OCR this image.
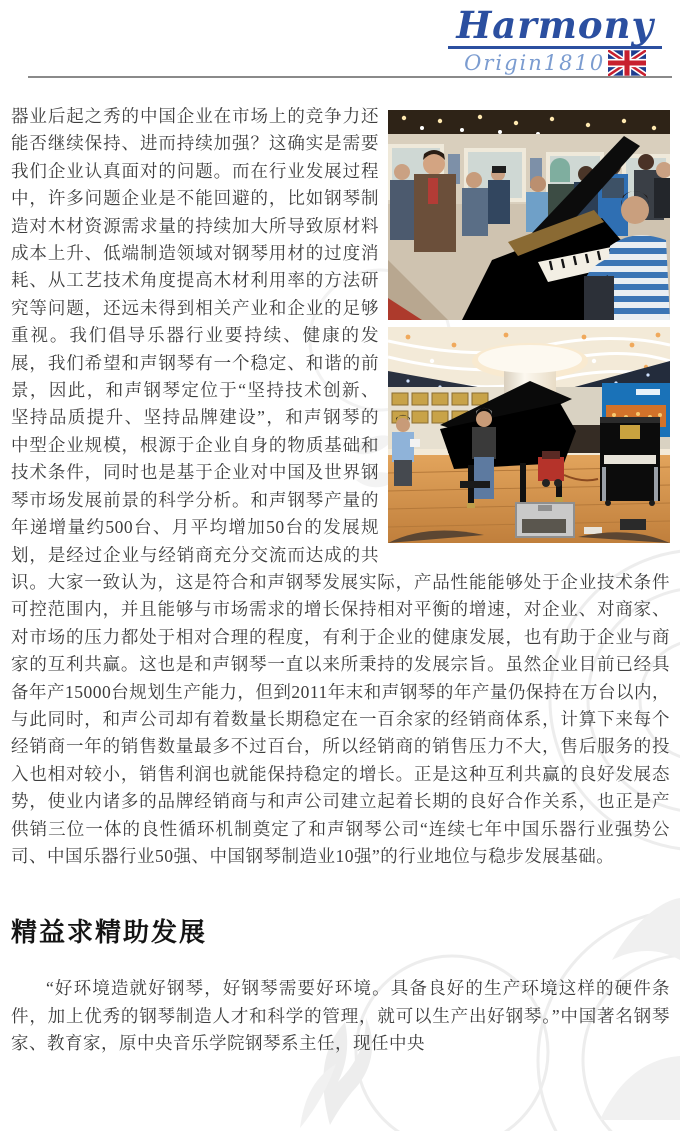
Harmony
Origin1810

器业后起之秀的中国企业在市场上的竞争力还能否继续保持、进而持续加强？这确实是需要我们企业认真面对的问题。而在行业发展过程中，许多问题企业是不能回避的，比如钢琴制造对木材资源需求量的持续加大所导致原材料成本上升、低端制造领域对钢琴用材的过度消耗、从工艺技术角度提高木材利用率的方法研究等问题，还远未得到相关产业和企业的足够重视。我们倡导乐器行业要持续、健康的发展，我们希望和声钢琴有一个稳定、和谐的前景，因此，和声钢琴定位于“坚持技术创新、坚持品质提升、坚持品牌建设”，和声钢琴的中型企业规模，根源于企业自身的物质基础和技术条件，同时也是基于企业对中国及世界钢琴市场发展前景的科学分析。和声钢琴产量的年递增量约500台、月平均增加50台的发展规划，是经过企业与经销商充分交流而达成的共识。大家一致认为，这是符合和声钢琴发展实际，产品性能能够处于企业技术条件可控范围内，并且能够与市场需求的增长保持相对平衡的增速，对企业、对商家、对市场的压力都处于相对合理的程度，有利于企业的健康发展，也有助于企业与商家的互利共赢。这也是和声钢琴一直以来所秉持的发展宗旨。虽然企业目前已经具备年产15000台规划生产能力，但到2011年末和声钢琴的年产量仍保持在万台以内，与此同时，和声公司却有着数量长期稳定在一百余家的经销商体系，计算下来每个经销商一年的销售数量最多不过百台，所以经销商的销售压力不大，售后服务的投入也相对较小，销售利润也就能保持稳定的增长。正是这种互利共赢的良好发展态势，使业内诸多的品牌经销商与和声公司建立起着长期的良好合作关系，也正是产供销三位一体的良性循环机制奠定了和声钢琴公司“连续七年中国乐器行业强势公司、中国乐器行业50强、中国钢琴制造业10强”的行业地位与稳步发展基础。

精益求精助发展

“好环境造就好钢琴，好钢琴需要好环境。具备良好的生产环境这样的硬件条件，加上优秀的钢琴制造人才和科学的管理，就可以生产出好钢琴。”中国著名钢琴家、教育家，原中央音乐学院钢琴系主任，现任中央
